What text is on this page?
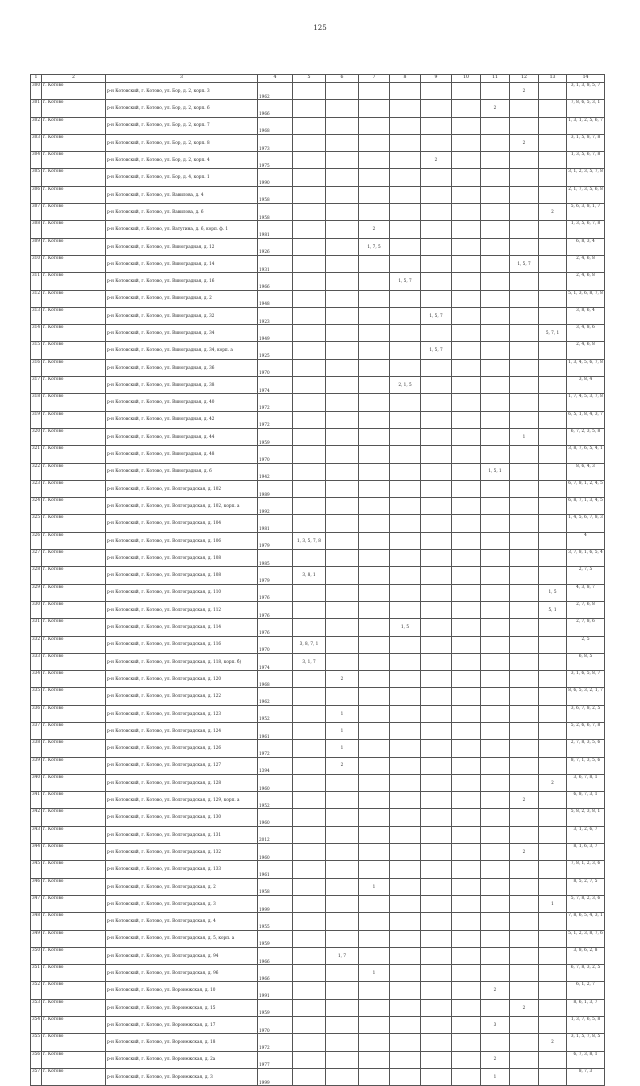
125
1	2	3	4	5	6	7	8	9	10	11	12	13	14
300	г. Котово	р-н Котовский, г. Котово, ул. Бор, д. 2, корп. 3	1962								2		3, 1, 3, 8, 5, 7
301	г. Котово	р-н Котовский, г. Котово, ул. Бор, д. 2, корп. 6	1966							2			7, 8, 6, 5, 3, 1
302	г. Котово	р-н Котовский, г. Котово, ул. Бор, д. 2, корп. 7	1968										1, 3, 1, 2, 5, 6, 7
303	г. Котово	р-н Котовский, г. Котово, ул. Бор, д. 2, корп. 8	1973								2		3, 1, 5, 8, 7, 8
304	г. Котово	р-н Котовский, г. Котово, ул. Бор, д. 2, корп. 4	1975					2					1, 3, 5, 6, 7, 8
305	г. Котово	р-н Котовский, г. Котово, ул. Бор, д. 4, корп. 1	1990										3, 1, 2, 3, 5, 7, 8
306	г. Котово	р-н Котовский, г. Котово, ул. Вавилова, д. 4	1958										2, 1, 7, 3, 5, 6, 8
307	г. Котово	р-н Котовский, г. Котово, ул. Вавилова, д. 6	1958									2	5, 6, 3, 8, 1, 7
308	г. Котово	р-н Котовский, г. Котово, ул. Ватутина, д. 6, корп. ф. 1	1981			2							1, 3, 5, 6, 7, 8
309	г. Котово	р-н Котовский, г. Котово, ул. Виноградная, д. 12	1926			1, 7, 5							6, 8, 3, 4
310	г. Котово	р-н Котовский, г. Котово, ул. Виноградная, д. 14	1931								1, 5, 7		2, 4, 6, 8
311	г. Котово	р-н Котовский, г. Котово, ул. Виноградная, д. 16	1966				1, 5, 7						2, 4, 6, 8
312	г. Котово	р-н Котовский, г. Котово, ул. Виноградная, д. 2	1948										5, 1, 3, 6, 8, 7, 8
313	г. Котово	р-н Котовский, г. Котово, ул. Виноградная, д. 32	1923					1, 5, 7					3, 8, 6, 4
314	г. Котово	р-н Котовский, г. Котово, ул. Виноградная, д. 34	1949									5, 7, 1	3, 4, 8, 6
315	г. Котово	р-н Котовский, г. Котово, ул. Виноградная, д. 34, корп. а	1925					1, 5, 7					2, 4, 6, 8
316	г. Котово	р-н Котовский, г. Котово, ул. Виноградная, д. 36	1970										1, 3, 4, 5, 6, 7, 8
317	г. Котово	р-н Котовский, г. Котово, ул. Виноградная, д. 38	1974				2, 1, 5						3, 8, 4
318	г. Котово	р-н Котовский, г. Котово, ул. Виноградная, д. 40	1972										1, 7, 4, 5, 3, 7, 8
319	г. Котово	р-н Котовский, г. Котово, ул. Виноградная, д. 42	1972										6, 5, 1, 8, 4, 3, 7
320	г. Котово	р-н Котовский, г. Котово, ул. Виноградная, д. 44	1959								1		6, 7, 2, 3, 5, 8
321	г. Котово	р-н Котовский, г. Котово, ул. Виноградная, д. 48	1970										3, 8, 7, 6, 5, 4, 1
322	г. Котово	р-н Котовский, г. Котово, ул. Виноградная, д. 6	1942							1, 5, 1			8, 6, 4, 3
323	г. Котово	р-н Котовский, г. Котово, ул. Волгоградская, д. 102	1989										6, 7, 8, 1, 2, 4, 5
324	г. Котово	р-н Котовский, г. Котово, ул. Волгоградская, д. 102, корп. а	1992										6, 8, 7, 1, 3, 4, 5
325	г. Котово	р-н Котовский, г. Котово, ул. Волгоградская, д. 104	1981										1, 4, 5, 6, 7, 8, 3
326	г. Котово	р-н Котовский, г. Котово, ул. Волгоградская, д. 106	1979	1, 3, 5, 7, 8									4
327	г. Котово	р-н Котовский, г. Котово, ул. Волгоградская, д. 108	1985										3, 7, 8, 1, 6, 5, 4
328	г. Котово	р-н Котовский, г. Котово, ул. Волгоградская, д. 108	1979	3, 8, 1									2, 7, 5
329	г. Котово	р-н Котовский, г. Котово, ул. Волгоградская, д. 110	1976									1, 5	4, 3, 8, 7
330	г. Котово	р-н Котовский, г. Котово, ул. Волгоградская, д. 112	1976									5, 1	2, 7, 6, 8
331	г. Котово	р-н Котовский, г. Котово, ул. Волгоградская, д. 114	1976				1, 5						2, 7, 8, 6
332	г. Котово	р-н Котовский, г. Котово, ул. Волгоградская, д. 116	1970	3, 8, 7, 1									2, 5
333	г. Котово	р-н Котовский, г. Котово, ул. Волгоградская, д. 118, корп. б)	1974	3, 1, 7									6, 8, 5
334	г. Котово	р-н Котовский, г. Котово, ул. Волгоградская, д. 120	1968		2								3, 1, 6, 5, 8, 7
335	г. Котово	р-н Котовский, г. Котово, ул. Волгоградская, д. 122	1962										8, 6, 5, 3, 2, 1, 7
336	г. Котово	р-н Котовский, г. Котово, ул. Волгоградская, д. 123	1952		1								3, 6, 7, 8, 2, 5
337	г. Котово	р-н Котовский, г. Котово, ул. Волгоградская, д. 124	1961		1								5, 2, 6, 6, 7, 8
338	г. Котово	р-н Котовский, г. Котово, ул. Волгоградская, д. 126	1972		1								2, 7, 8, 3, 5, 6
339	г. Котово	р-н Котовский, г. Котово, ул. Волгоградская, д. 127	1394		2								8, 7, 1, 3, 5, 6
340	г. Котово	р-н Котовский, г. Котово, ул. Волгоградская, д. 128	1960									2	3, 6, 7, 8, 1
341	г. Котово	р-н Котовский, г. Котово, ул. Волгоградская, д. 129, корп. а	1952								2		6, 8, 7, 3, 1
342	г. Котово	р-н Котовский, г. Котово, ул. Волгоградская, д. 130	1960										5, 8, 2, 3, 8, 1
343	г. Котово	р-н Котовский, г. Котово, ул. Волгоградская, д. 131	2012										3, 1, 2, 6, 7
344	г. Котово	р-н Котовский, г. Котово, ул. Волгоградская, д. 132	1960								2		8, 1, 6, 3, 7
345	г. Котово	р-н Котовский, г. Котово, ул. Волгоградская, д. 133	1961										7, 8, 1, 2, 3, 6
346	г. Котово	р-н Котовский, г. Котово, ул. Волгоградская, д. 2	1958			1							8, 5, 2, 7, 5
347	г. Котово	р-н Котовский, г. Котово, ул. Волгоградская, д. 3	1999									1	5, 7, 8, 2, 3, 6
348	г. Котово	р-н Котовский, г. Котово, ул. Волгоградская, д. 4	1955										7, 8, 6, 5, 4, 3, 1
349	г. Котово	р-н Котовский, г. Котово, ул. Волгоградская, д. 5, корп. а	1959										5, 1, 2, 3, 8, 7, 6
350	г. Котово	р-н Котовский, г. Котово, ул. Волгоградская, д. 94	1966		1, 7								3, 8, 6, 2, 8
351	г. Котово	р-н Котовский, г. Котово, ул. Волгоградская, д. 96	1966			1							6, 7, 8, 3, 2, 5
352	г. Котово	р-н Котовский, г. Котово, ул. Воронежская, д. 10	1991							2			6, 1, 2, 7
353	г. Котово	р-н Котовский, г. Котово, ул. Воронежская, д. 15	1959								2		8, 6, 1, 3, 7
354	г. Котово	р-н Котовский, г. Котово, ул. Воронежская, д. 17	1970							3			1, 3, 7, 6, 5, 8
355	г. Котово	р-н Котовский, г. Котово, ул. Воронежская, д. 18	1972									2	3, 1, 5, 7, 8, 5
356	г. Котово	р-н Котовский, г. Котово, ул. Воронежская, д. 2а	1977							2			6, 7, 3, 8, 1
357	г. Котово	р-н Котовский, г. Котово, ул. Воронежская, д. 3	1999							1			8, 7, 3
